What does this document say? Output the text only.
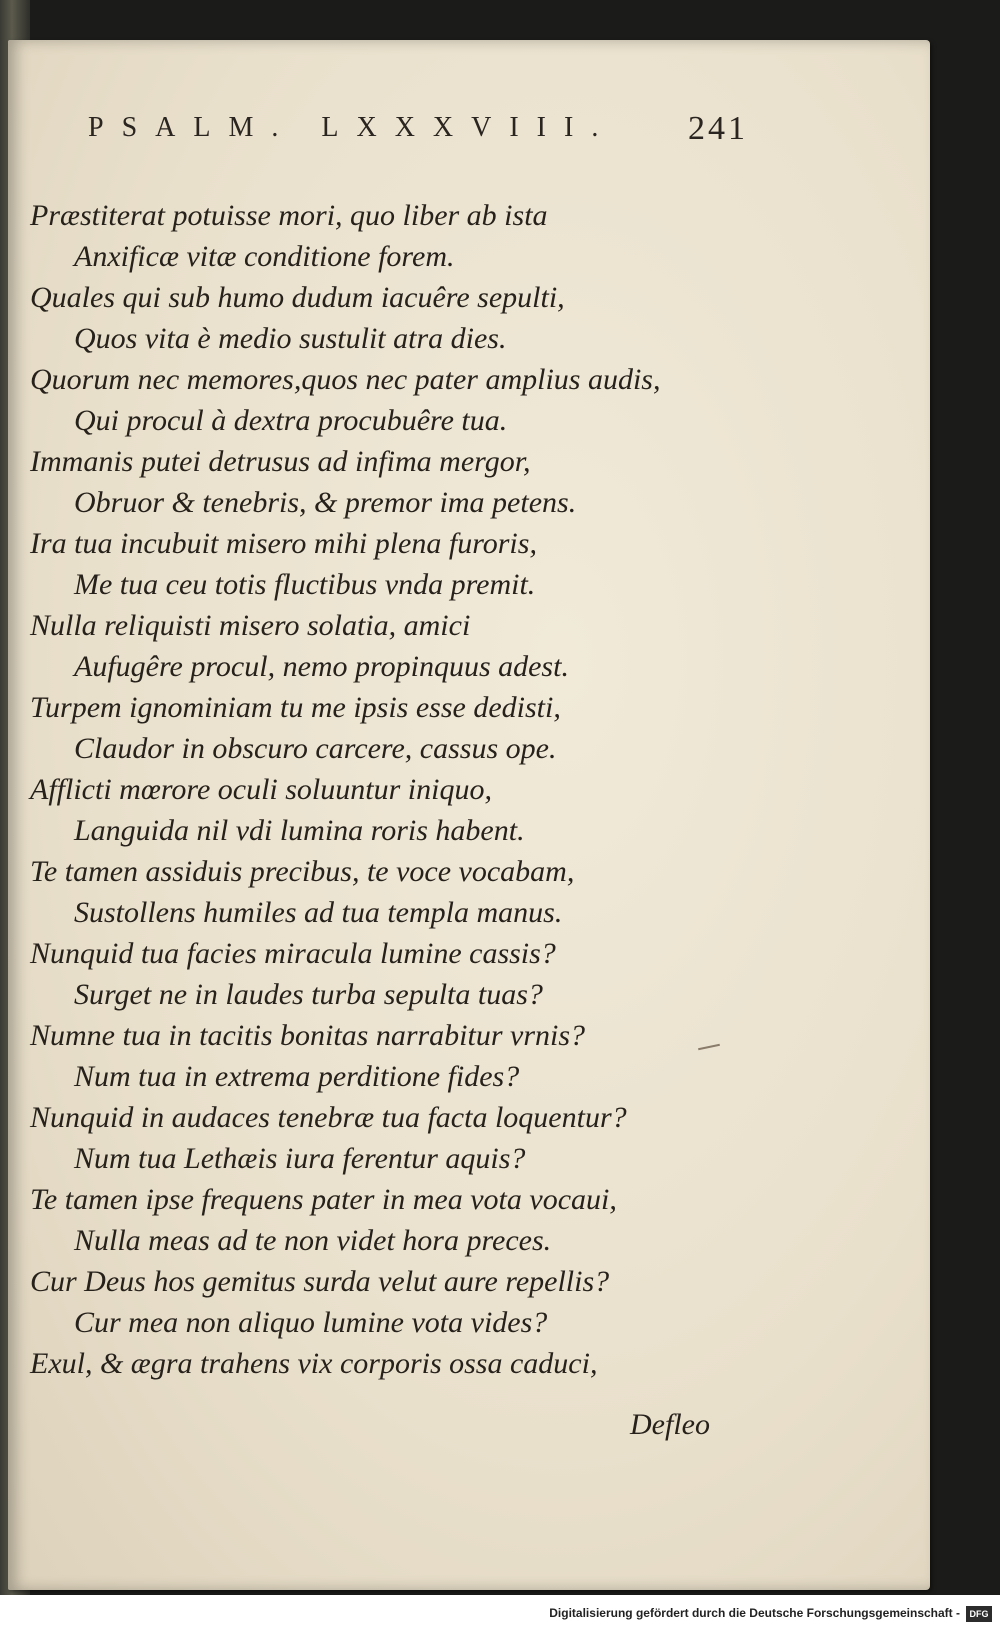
PSALM. LXXXVIII. 241
Præstiterat potuisse mori, quo liber ab ista
Anxificæ vitæ conditione forem.
Quales qui sub humo dudum iacuêre sepulti,
Quos vita è medio sustulit atra dies.
Quorum nec memores,quos nec pater amplius audis,
Qui procul à dextra procubuêre tua.
Immanis putei detrusus ad infima mergor,
Obruor & tenebris, & premor ima petens.
Ira tua incubuit misero mihi plena furoris,
Me tua ceu totis fluctibus vnda premit.
Nulla reliquisti misero solatia, amici
Aufugêre procul, nemo propinquus adest.
Turpem ignominiam tu me ipsis esse dedisti,
Claudor in obscuro carcere, cassus ope.
Afflicti mœrore oculi soluuntur iniquo,
Languida nil vdi lumina roris habent.
Te tamen assiduis precibus, te voce vocabam,
Sustollens humiles ad tua templa manus.
Nunquid tua facies miracula lumine cassis?
Surget ne in laudes turba sepulta tuas?
Numne tua in tacitis bonitas narrabitur vrnis?
Num tua in extrema perditione fides?
Nunquid in audaces tenebræ tua facta loquentur?
Num tua Lethæis iura ferentur aquis?
Te tamen ipse frequens pater in mea vota vocaui,
Nulla meas ad te non videt hora preces.
Cur Deus hos gemitus surda velut aure repellis?
Cur mea non aliquo lumine vota vides?
Exul, & ægra trahens vix corporis ossa caduci,
Defleo
Digitalisierung gefördert durch die Deutsche Forschungsgemeinschaft -	DFG
